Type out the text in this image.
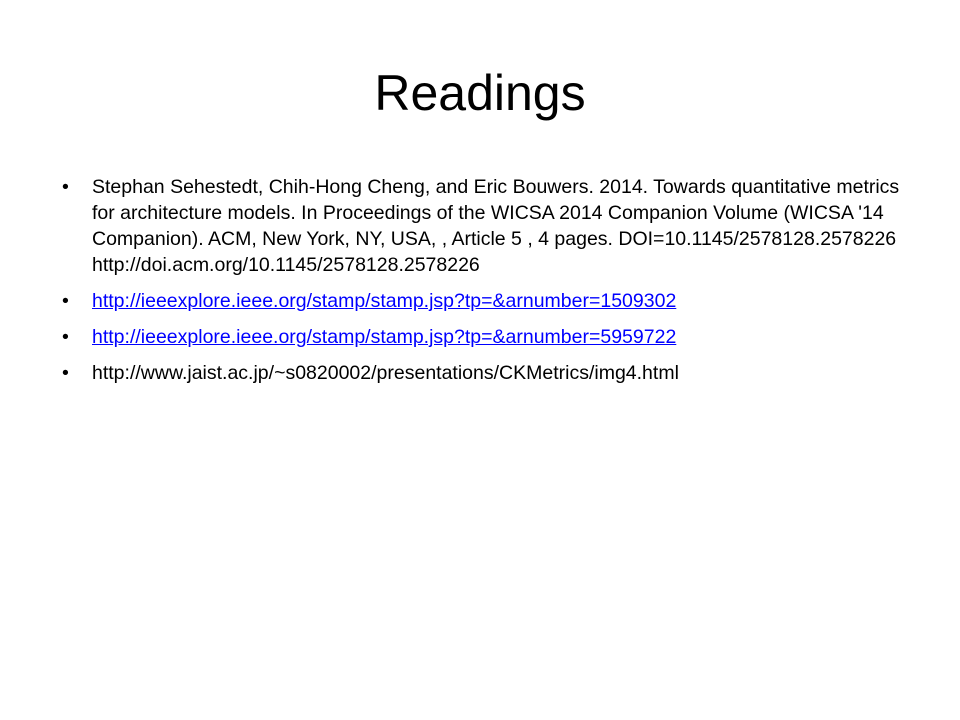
Readings
• Stephan Sehestedt, Chih-Hong Cheng, and Eric Bouwers. 2014. Towards quantitative metrics for architecture models. In Proceedings of the WICSA 2014 Companion Volume (WICSA '14 Companion). ACM, New York, NY, USA, , Article 5 , 4 pages. DOI=10.1145/2578128.2578226 http://doi.acm.org/10.1145/2578128.2578226
• http://ieeexplore.ieee.org/stamp/stamp.jsp?tp=&arnumber=1509302
• http://ieeexplore.ieee.org/stamp/stamp.jsp?tp=&arnumber=5959722
• http://www.jaist.ac.jp/~s0820002/presentations/CKMetrics/img4.html
